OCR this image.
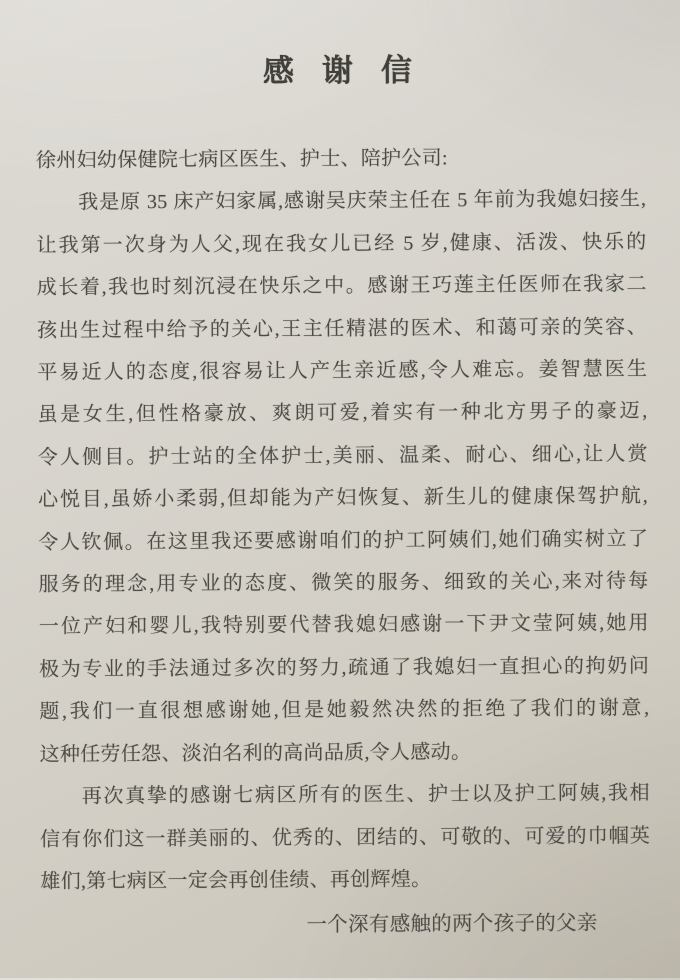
感谢信
徐州妇幼保健院七病区医生、护士、陪护公司:
我是原 35 床产妇家属,感谢吴庆荣主任在 5 年前为我媳妇接生,
让我第一次身为人父,现在我女儿已经 5 岁,健康、活泼、快乐的
成长着,我也时刻沉浸在快乐之中。感谢王巧莲主任医师在我家二
孩出生过程中给予的关心,王主任精湛的医术、和蔼可亲的笑容、
平易近人的态度,很容易让人产生亲近感,令人难忘。姜智慧医生
虽是女生,但性格豪放、爽朗可爱,着实有一种北方男子的豪迈,
令人侧目。护士站的全体护士,美丽、温柔、耐心、细心,让人赏
心悦目,虽娇小柔弱,但却能为产妇恢复、新生儿的健康保驾护航,
令人钦佩。在这里我还要感谢咱们的护工阿姨们,她们确实树立了
服务的理念,用专业的态度、微笑的服务、细致的关心,来对待每
一位产妇和婴儿,我特别要代替我媳妇感谢一下尹文莹阿姨,她用
极为专业的手法通过多次的努力,疏通了我媳妇一直担心的拘奶问
题,我们一直很想感谢她,但是她毅然决然的拒绝了我们的谢意,
这种任劳任怨、淡泊名利的高尚品质,令人感动。
再次真挚的感谢七病区所有的医生、护士以及护工阿姨,我相
信有你们这一群美丽的、优秀的、团结的、可敬的、可爱的巾帼英
雄们,第七病区一定会再创佳绩、再创辉煌。
一个深有感触的两个孩子的父亲
